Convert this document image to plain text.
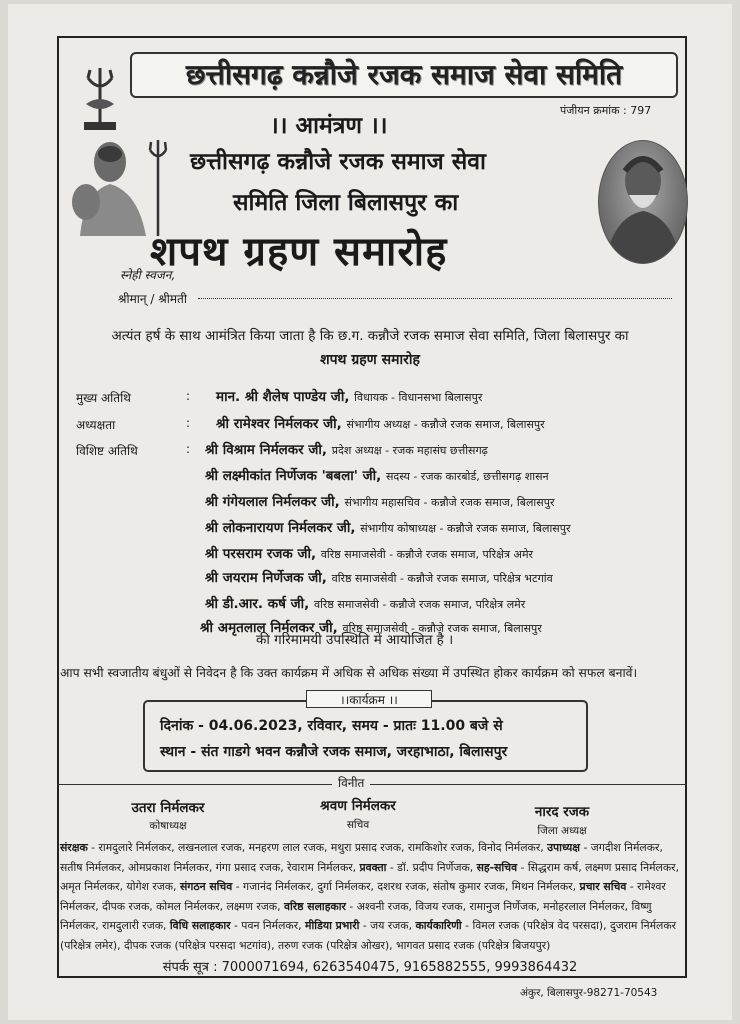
छत्तीसगढ़ कन्नौजे रजक समाज सेवा समिति
पंजीयन क्रमांक : 797
।। आमंत्रण ।।
छत्तीसगढ़ कन्नौजे रजक समाज सेवा
समिति जिला बिलासपुर का
शपथ ग्रहण समारोह
स्नेही स्वजन,
श्रीमान् / श्रीमती
अत्यंत हर्ष के साथ आमंत्रित किया जाता है कि छ.ग. कन्नौजे रजक समाज सेवा समिति, जिला बिलासपुर का
शपथ ग्रहण समारोह
मुख्य अतिथि	: मान. श्री शैलेष पाण्डेय जी, विधायक - विधानसभा बिलासपुर
अध्यक्षता	: श्री रामेश्वर निर्मलकर जी, संभागीय अध्यक्ष - कन्नौजे रजक समाज, बिलासपुर
विशिष्ट अतिथि	: श्री विश्राम निर्मलकर जी, प्रदेश अध्यक्ष - रजक महासंघ छत्तीसगढ़
श्री लक्ष्मीकांत निर्णेजक 'बबला' जी, सदस्य - रजक कारबोर्ड, छत्तीसगढ़ शासन
श्री गंगेयलाल निर्मलकर जी, संभागीय महासचिव - कन्नौजे रजक समाज, बिलासपुर
श्री लोकनारायण निर्मलकर जी, संभागीय कोषाध्यक्ष - कन्नौजे रजक समाज, बिलासपुर
श्री परसराम रजक जी, वरिष्ठ समाजसेवी - कन्नौजे रजक समाज, परिक्षेत्र अमेर
श्री जयराम निर्णेजक जी, वरिष्ठ समाजसेवी - कन्नौजे रजक समाज, परिक्षेत्र भटगांव
श्री डी.आर. कर्ष जी, वरिष्ठ समाजसेवी - कन्नौजे रजक समाज, परिक्षेत्र लमेर
श्री अमृतलाल निर्मलकर जी, वरिष्ठ समाजसेवी - कन्नौजे रजक समाज, बिलासपुर
की गरिमामयी उपस्थिति में आयोजित है ।
आप सभी स्वजातीय बंधुओं से निवेदन है कि उक्त कार्यक्रम में अधिक से अधिक संख्या में उपस्थित होकर कार्यक्रम को सफल बनावें।
।।कार्यक्रम ।।
दिनांक - 04.06.2023, रविवार, समय - प्रातः 11.00 बजे से
स्थान - संत गाडगे भवन कन्नौजे रजक समाज, जरहाभाठा, बिलासपुर
विनीत
उतरा निर्मलकर
कोषाध्यक्ष
श्रवण निर्मलकर
सचिव
नारद रजक
जिला अध्यक्ष
संरक्षक - रामदुलारे निर्मलकर, लखनलाल रजक, मनहरण लाल रजक, मथुरा प्रसाद रजक, रामकिशोर रजक, विनोद निर्मलकर, उपाध्यक्ष - जगदीश निर्मलकर, सतीष निर्मलकर, ओमप्रकाश निर्मलकर, गंगा प्रसाद रजक, रेवाराम निर्मलकर, प्रवक्ता - डॉ. प्रदीप निर्णेजक, सह-सचिव - सिद्धराम कर्ष, लक्ष्मण प्रसाद निर्मलकर, अमृत निर्मलकर, योगेश रजक, संगठन सचिव - गजानंद निर्मलकर, दुर्गा निर्मलकर, दशरथ रजक, संतोष कुमार रजक, मिथन निर्मलकर, प्रचार सचिव - रामेश्वर निर्मलकर, दीपक रजक, कोमल निर्मलकर, लक्ष्मण रजक, वरिष्ठ सलाहकार - अश्वनी रजक, विजय रजक, रामानुज निर्णेजक, मनोहरलाल निर्मलकर, विष्णु निर्मलकर, रामदुलारी रजक, विधि सलाहकार - पवन निर्मलकर, मीडिया प्रभारी - जय रजक, कार्यकारिणी - विमल रजक (परिक्षेत्र वेद परसदा), दुजराम निर्मलकर (परिक्षेत्र लमेर), दीपक रजक (परिक्षेत्र परसदा भटगांव), तरुण रजक (परिक्षेत्र ओखर), भागवत प्रसाद रजक (परिक्षेत्र बिजयपुर)
संपर्क सूत्र : 7000071694, 6263540475, 9165882555, 9993864432
अंकुर, बिलासपुर-98271-70543
